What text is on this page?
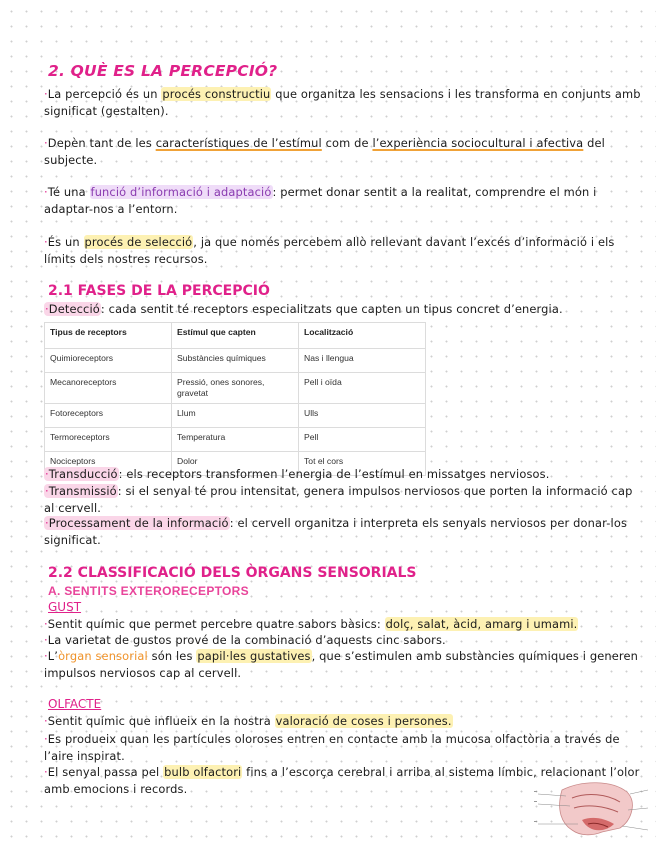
2. QUÈ ES LA PERCEPCIÓ?
·La percepció és un procés constructiu que organitza les sensacions i les transforma en conjunts amb significat (gestalten).
·Depèn tant de les característiques de l’estímul com de l’experiència sociocultural i afectiva del subjecte.
·Té una funció d’informació i adaptació: permet donar sentit a la realitat, comprendre el món i adaptar-nos a l’entorn.
·És un procés de selecció, ja que només percebem allò rellevant davant l’excés d’informació i els límits dels nostres recursos.
2.1 FASES DE LA PERCEPCIÓ
·Detecció: cada sentit té receptors especialitzats que capten un tipus concret d’energia.
Tipus de receptors	Estímul que capten	Localització
Quimioreceptors	Substàncies químiques	Nas i llengua
Mecanoreceptors	Pressió, ones sonores, gravetat	Pell i oïda
Fotoreceptors	Llum	Ulls
Termoreceptors	Temperatura	Pell
Nociceptors	Dolor	Tot el cors
·Transducció: els receptors transformen l’energia de l’estímul en missatges nerviosos.
·Transmissió: si el senyal té prou intensitat, genera impulsos nerviosos que porten la informació cap al cervell.
·Processament de la informació: el cervell organitza i interpreta els senyals nerviosos per donar-los significat.
2.2 CLASSIFICACIÓ DELS ÒRGANS SENSORIALS
A. SENTITS EXTERORECEPTORS
GUST
·Sentit químic que permet percebre quatre sabors bàsics: dolç, salat, àcid, amarg i umami.
·La varietat de gustos prové de la combinació d’aquests cinc sabors.
·L’òrgan sensorial són les papil·les gustatives, que s’estimulen amb substàncies químiques i generen impulsos nerviosos cap al cervell.
OLFACTE
·Sentit químic que influeix en la nostra valoració de coses i persones.
·Es produeix quan les partícules oloroses entren en contacte amb la mucosa olfactòria a través de l’aire inspirat.
·El senyal passa pel bulb olfactori fins a l’escorça cerebral i arriba al sistema límbic, relacionant l’olor amb emocions i records.
